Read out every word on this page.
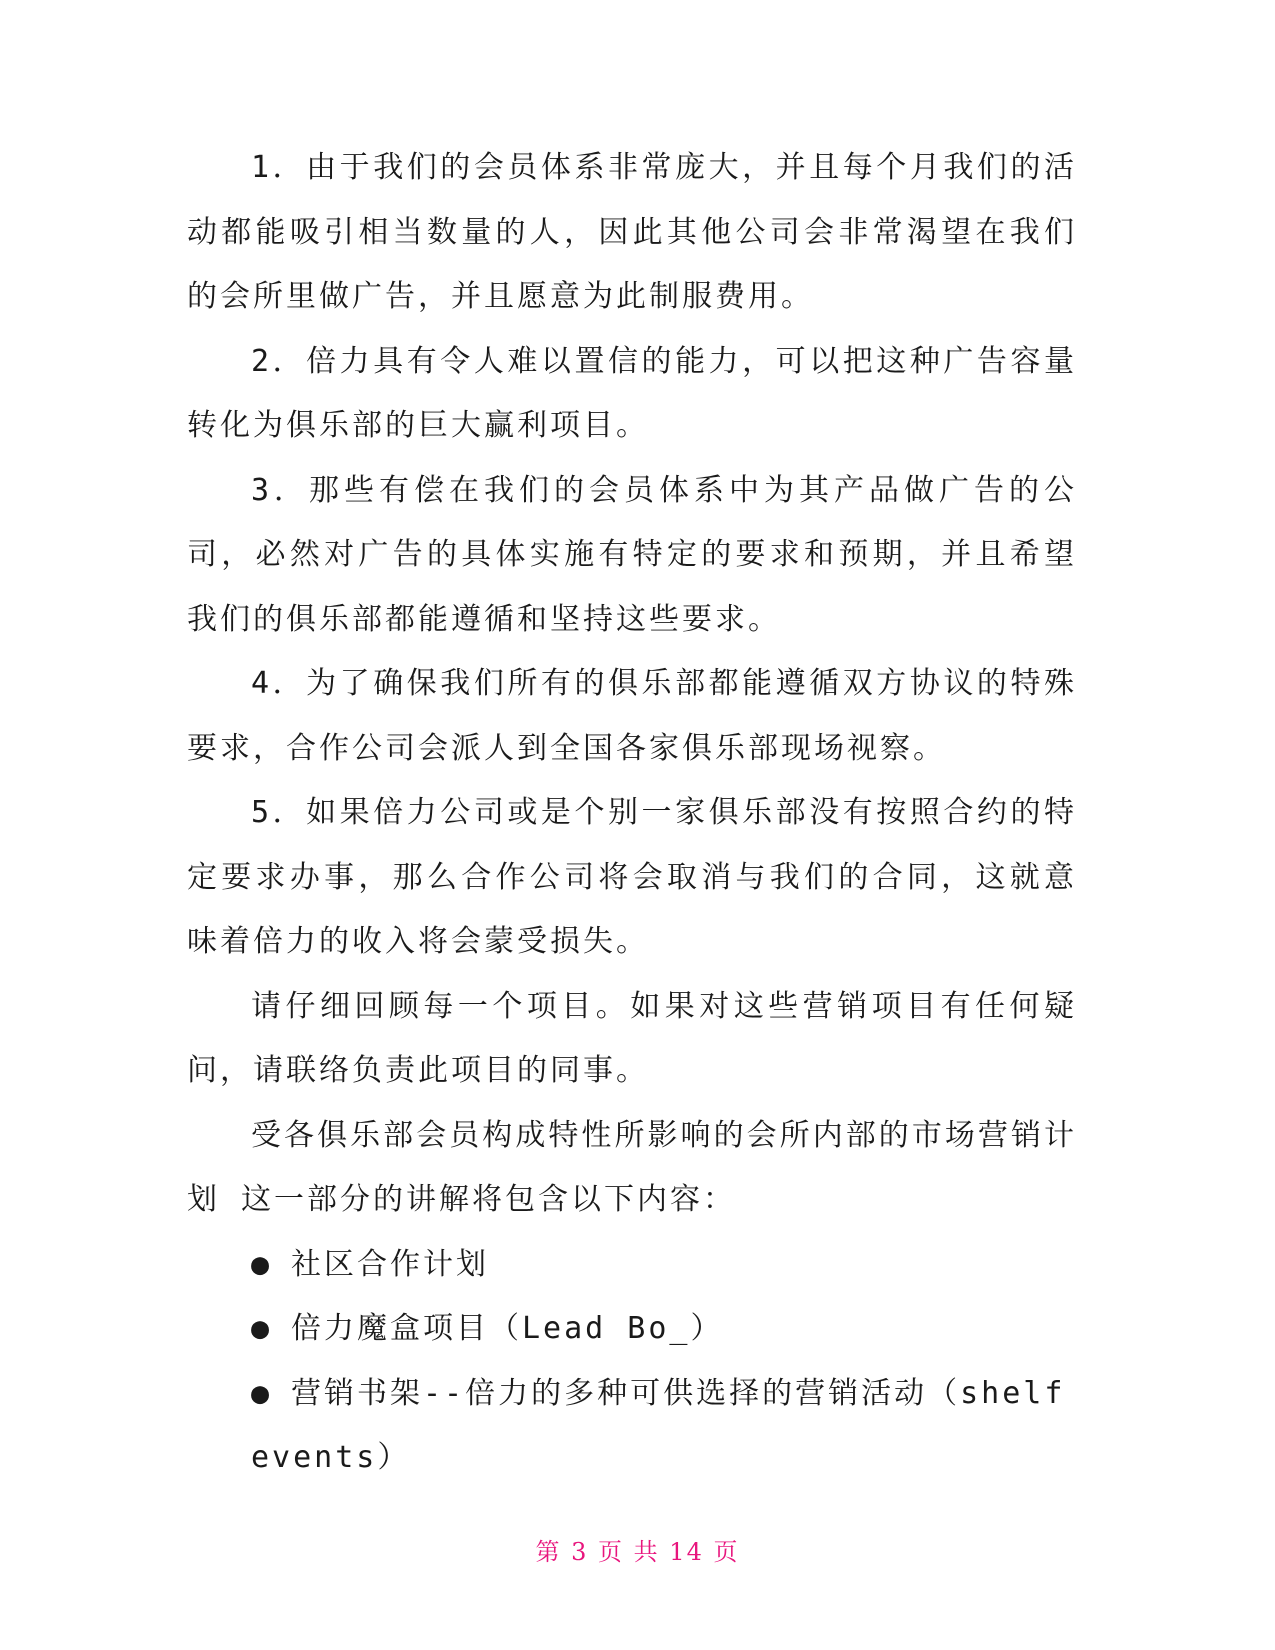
1．由于我们的会员体系非常庞大，并且每个月我们的活动都能吸引相当数量的人，因此其他公司会非常渴望在我们的会所里做广告，并且愿意为此制服费用。

2．倍力具有令人难以置信的能力，可以把这种广告容量转化为俱乐部的巨大赢利项目。

3．那些有偿在我们的会员体系中为其产品做广告的公司，必然对广告的具体实施有特定的要求和预期，并且希望我们的俱乐部都能遵循和坚持这些要求。

4．为了确保我们所有的俱乐部都能遵循双方协议的特殊要求，合作公司会派人到全国各家俱乐部现场视察。

5．如果倍力公司或是个别一家俱乐部没有按照合约的特定要求办事，那么合作公司将会取消与我们的合同，这就意味着倍力的收入将会蒙受损失。

请仔细回顾每一个项目。如果对这些营销项目有任何疑问，请联络负责此项目的同事。

受各俱乐部会员构成特性所影响的会所内部的市场营销计划 这一部分的讲解将包含以下内容：

● 社区合作计划

● 倍力魔盒项目（Lead Bo_）

● 营销书架--倍力的多种可供选择的营销活动（shelf events）

第 3 页 共 14 页
